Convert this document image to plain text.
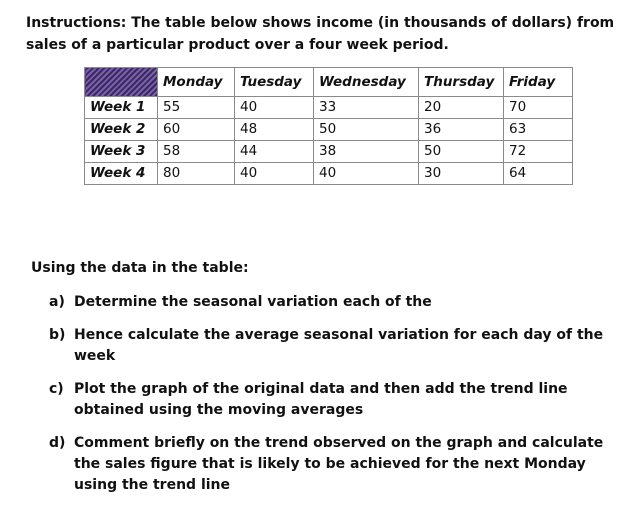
Instructions: The table below shows income (in thousands of dollars) from sales of a particular product over a four week period.
	Monday	Tuesday	Wednesday	Thursday	Friday
Week 1	55	40	33	20	70
Week 2	60	48	50	36	63
Week 3	58	44	38	50	72
Week 4	80	40	40	30	64
Using the data in the table:
a) Determine the seasonal variation each of the
b) Hence calculate the average seasonal variation for each day of the week
c) Plot the graph of the original data and then add the trend line obtained using the moving averages
d) Comment briefly on the trend observed on the graph and calculate the sales figure that is likely to be achieved for the next Monday using the trend line
